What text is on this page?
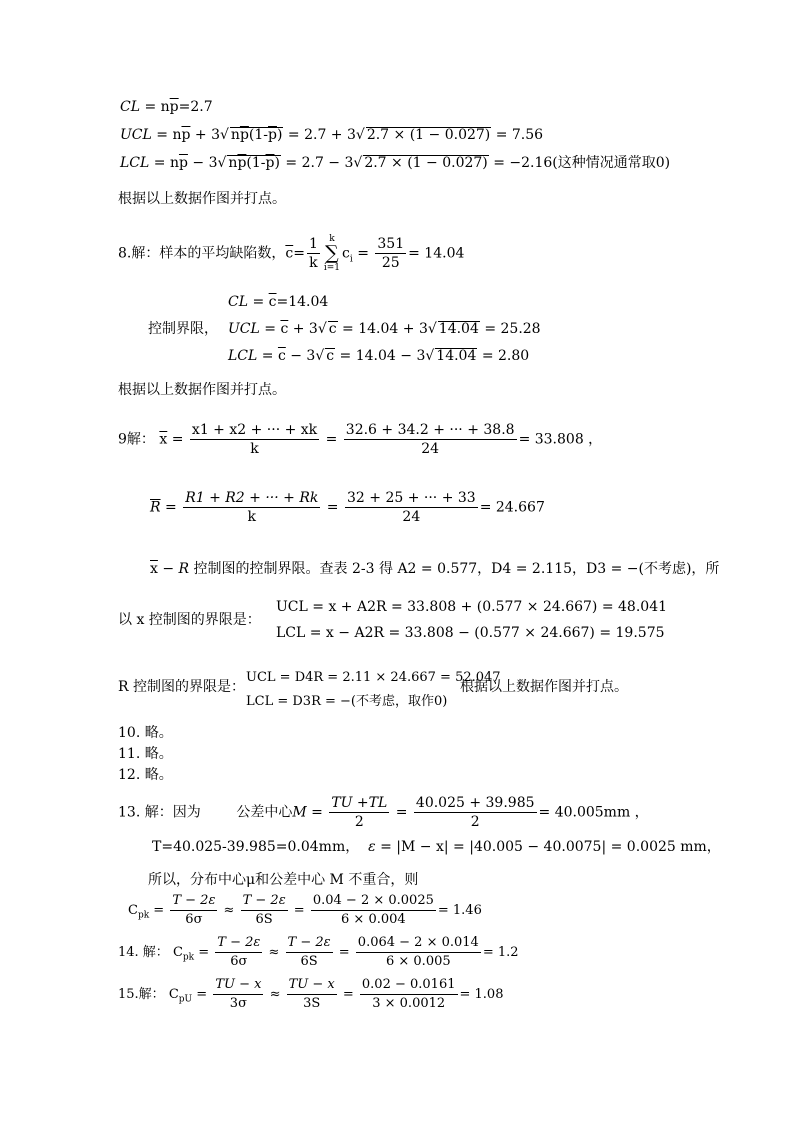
CL = $n\overline{p}=2.7$
UCL = $n\overline{p} + 3√$ $n\overline{p}(1-\overline{p}) = 2.7 + 3√$ 2.7 × (1 − 0.027) = 7.56
LCL = $n\overline{p} - 3√$ $n\overline{p}(1-\overline{p}) = 2.7 - 3√$ 2.7 × (1 − 0.027) = −2.16(这种情况通常取0)
根据以上数据作图并打点。
8.解：样本的平均缺陷数，$\overline{c}= \frac{1}{k}$ k
∑
$i=1c_i = \frac{351}{25} = 14.04$
CL = $\overline{c}=14.04$
控制界限， UCL = $\overline{c} + 3√$ c = 14.04 + 3√ 14.04 = 25.28
LCL = $\overline{c} - 3√$ c = 14.04 − 3√ 14.04 = 2.80
根据以上数据作图并打点。
9解： $\overline{x} = \frac{x1 + x2 + \cdot\cdot\cdot + xk}{k} = \frac{32.6 + 34.2 + \cdot\cdot\cdot + 38.8}{24} = 33.808$ ，
$\overline{R} = \frac{R1 + R2 + \cdot\cdot\cdot + Rk}{k} = \frac{32 + 25 + \cdot\cdot\cdot + 33}{24} = 24.667$
$\overline{x} - R$ 控制图的控制界限。查表 2-3 得 A2 = 0.577，D4 = 2.115，D3 = −(不考虑)，所
以 x 控制图的界限是：
UCL = x + A2R = 33.808 + (0.577 × 24.667) = 48.041
LCL = x − A2R = 33.808 − (0.577 × 24.667) = 19.575
R 控制图的界限是：
UCL = D4R = 2.11 × 24.667 = 52.047
根据以上数据作图并打点。
LCL = D3R = −(不考虑，取作0)
10. 略。
11. 略。
12. 略。
13. 解：因为	公差中心$M = \frac{TU +TL}{2} = \frac{40.025 + 39.985}{2} = 40.005mm$ ，
T=40.025-39.985=0.04mm， ε = |M − x| = |40.005 − 40.0075| = 0.0025 mm，
所以，分布中心μ和公差中心 M 不重合，则
$C_{pk} = \frac{T - 2\varepsilon}{6\sigma} \approx \frac{T - 2\varepsilon}{6S} = \frac{0.04 - 2 \times 0.0025}{6 \times 0.004} = 1.46$
14. 解： $C_{pk} = \frac{T - 2\varepsilon}{6\sigma} \approx \frac{T - 2\varepsilon}{6S} = \frac{0.064 - 2 \times 0.014}{6 \times 0.005} = 1.2$
15.解： $C_{pU} = \frac{TU - x}{3\sigma} \approx \frac{TU - x}{3S} = \frac{0.02 - 0.0161}{3 \times 0.0012} = 1.08$
